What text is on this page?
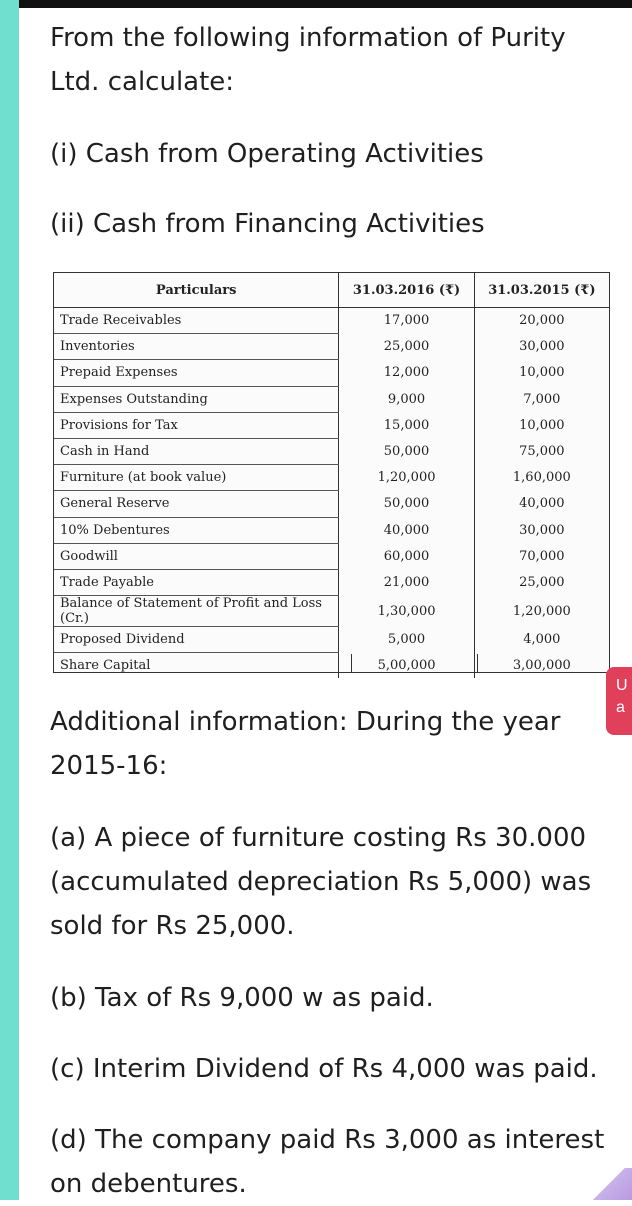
From the following information of Purity Ltd. calculate:

(i) Cash from Operating Activities

(ii) Cash from Financing Activities

Particulars	31.03.2016 (₹)	31.03.2015 (₹)
Trade Receivables	17,000	20,000
Inventories	25,000	30,000
Prepaid Expenses	12,000	10,000
Expenses Outstanding	9,000	7,000
Provisions for Tax	15,000	10,000
Cash in Hand	50,000	75,000
Furniture (at book value)	1,20,000	1,60,000
General Reserve	50,000	40,000
10% Debentures	40,000	30,000
Goodwill	60,000	70,000
Trade Payable	21,000	25,000
Balance of Statement of Profit and Loss (Cr.)	1,30,000	1,20,000
Proposed Dividend	5,000	4,000
Share Capital	5,00,000	3,00,000

Additional information: During the year 2015-16:

(a) A piece of furniture costing Rs 30.000 (accumulated depreciation Rs 5,000) was sold for Rs 25,000.

(b) Tax of Rs 9,000 w as paid.

(c) Interim Dividend of Rs 4,000 was paid.

(d) The company paid Rs 3,000 as interest on debentures.

U
a
